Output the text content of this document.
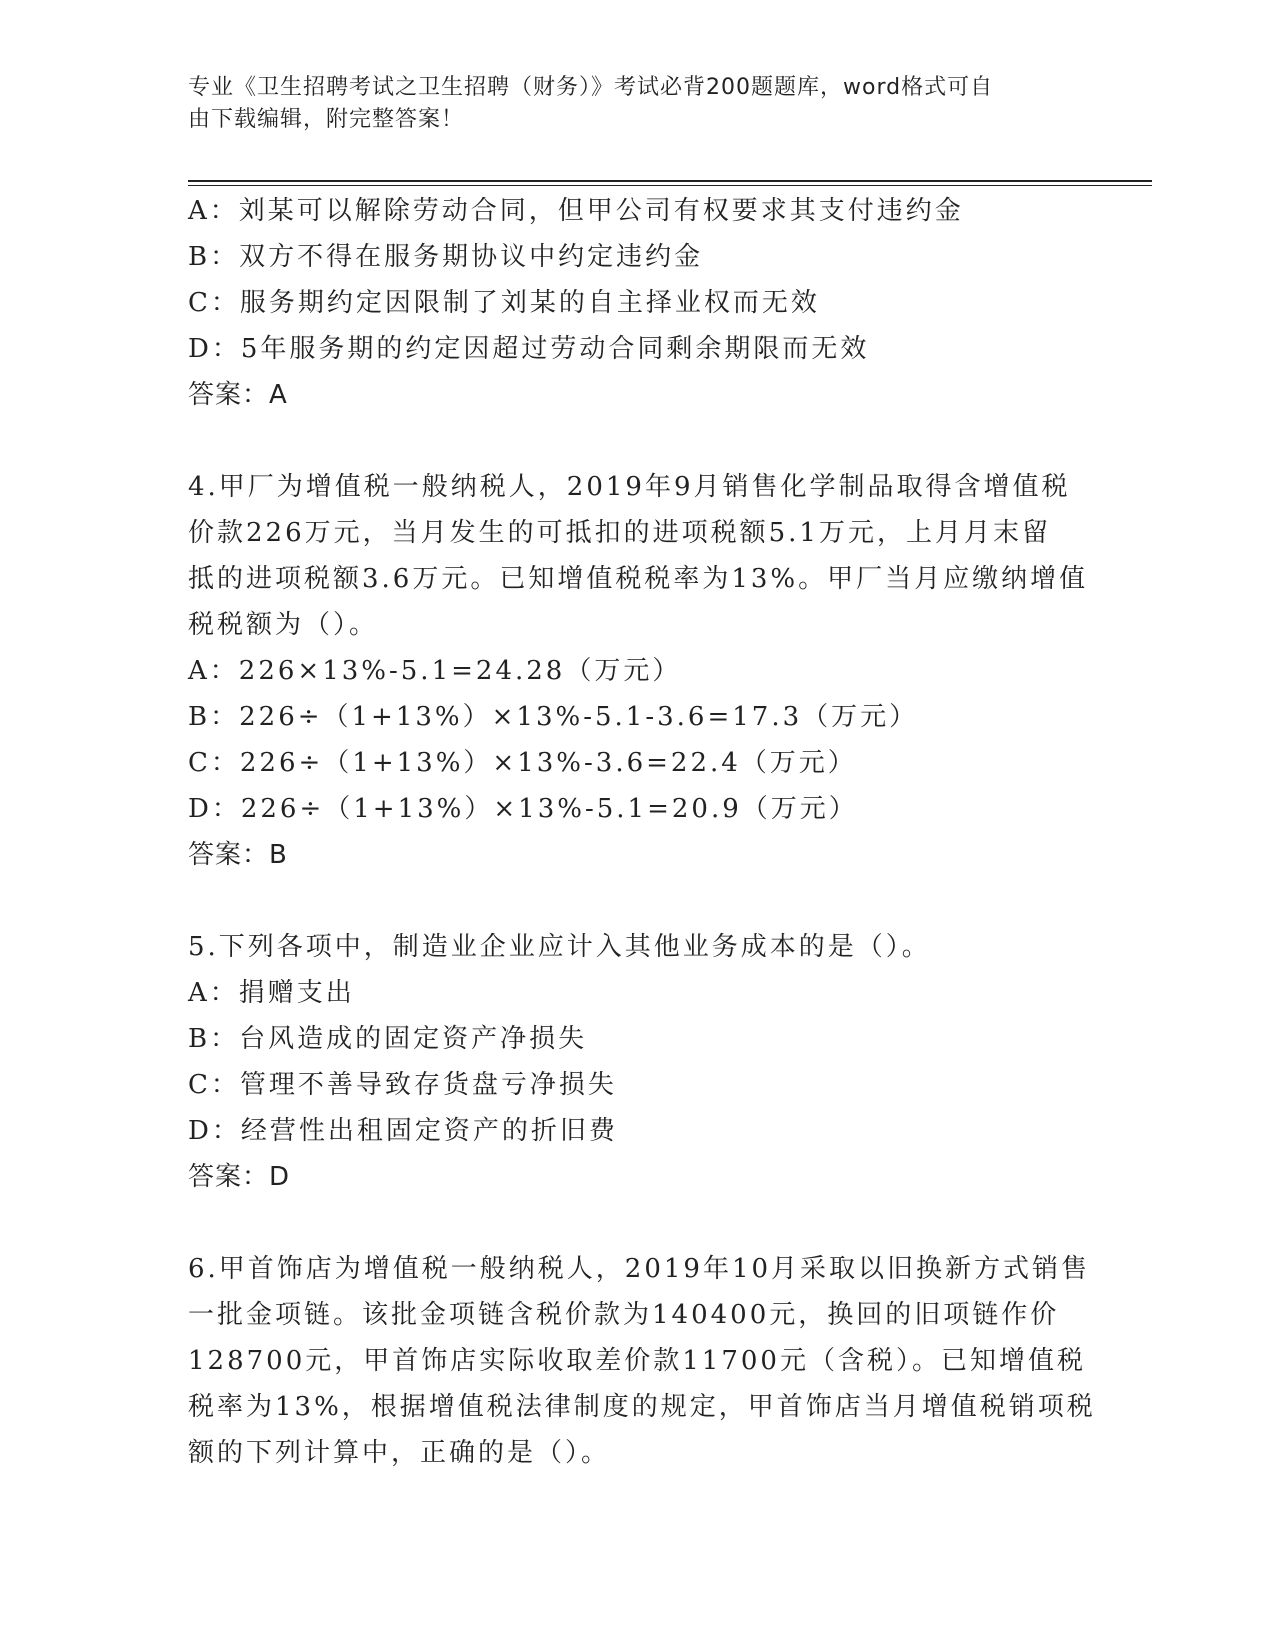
专业《卫生招聘考试之卫生招聘（财务）》考试必背200题题库，word格式可自
由下载编辑，附完整答案！
A：刘某可以解除劳动合同，但甲公司有权要求其支付违约金
B：双方不得在服务期协议中约定违约金
C：服务期约定因限制了刘某的自主择业权而无效
D：5年服务期的约定因超过劳动合同剩余期限而无效
答案：A
4.甲厂为增值税一般纳税人，2019年9月销售化学制品取得含增值税
价款226万元，当月发生的可抵扣的进项税额5.1万元，上月月末留
抵的进项税额3.6万元。已知增值税税率为13%。甲厂当月应缴纳增值
税税额为（）。
A：226×13%-5.1=24.28（万元）
B：226÷（1+13%）×13%-5.1-3.6=17.3（万元）
C：226÷（1+13%）×13%-3.6=22.4（万元）
D：226÷（1+13%）×13%-5.1=20.9（万元）
答案：B
5.下列各项中，制造业企业应计入其他业务成本的是（）。
A：捐赠支出
B：台风造成的固定资产净损失
C：管理不善导致存货盘亏净损失
D：经营性出租固定资产的折旧费
答案：D
6.甲首饰店为增值税一般纳税人，2019年10月采取以旧换新方式销售
一批金项链。该批金项链含税价款为140400元，换回的旧项链作价
128700元，甲首饰店实际收取差价款11700元（含税）。已知增值税
税率为13%，根据增值税法律制度的规定，甲首饰店当月增值税销项税
额的下列计算中，正确的是（）。
